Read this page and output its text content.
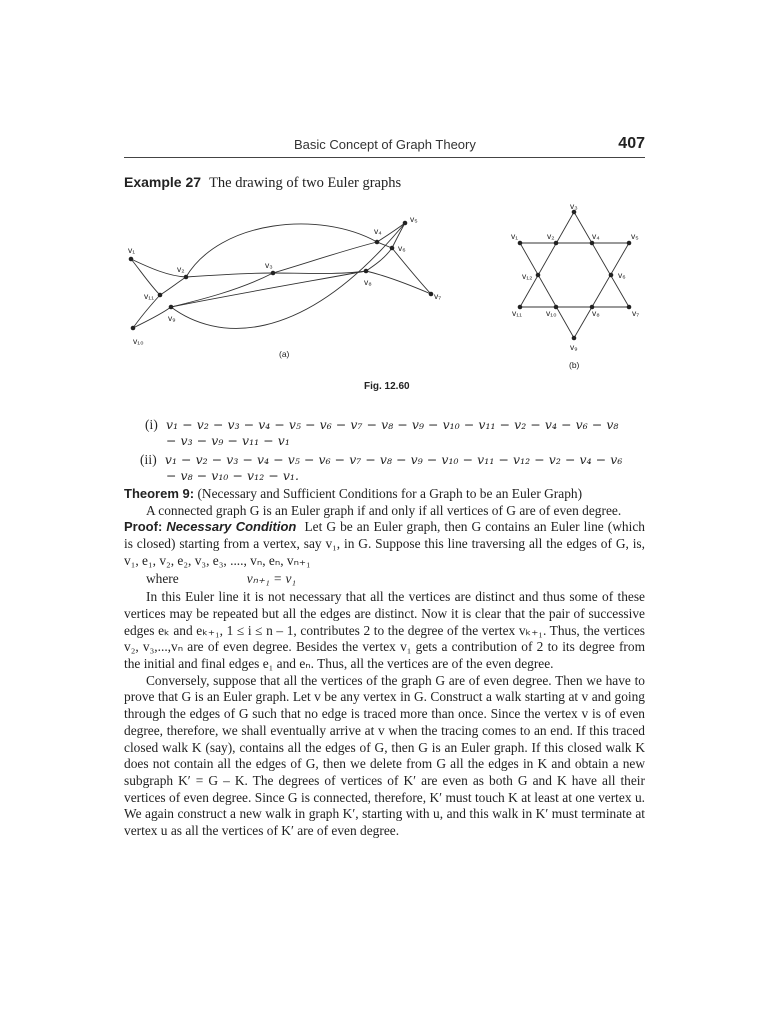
Basic Concept of Graph Theory	407
Example 27 The drawing of two Euler graphs
v₁
v₂	v₃
v₄
v₅
v₆
v₇
v₈
v₉
v₁₀
v₁₁
(a)
v₁	v₂
v₃
v₄	v₅
v₆
v₇
v₈
v₉
v₁₀
v₁₁
v₁₂
(b)
Fig. 12.60
(i) v₁ − v₂ − v₃ − v₄ − v₅ − v₆ − v₇ − v₈ − v₉ − v₁₀ − v₁₁ − v₂ − v₄ − v₆ − v₈
− v₃ − v₉ − v₁₁ − v₁
(ii) v₁ − v₂ − v₃ − v₄ − v₅ − v₆ − v₇ − v₈ − v₉ − v₁₀ − v₁₁ − v₁₂ − v₂ − v₄ − v₆
− v₈ − v₁₀ − v₁₂ − v₁.

Theorem 9: (Necessary and Sufficient Conditions for a Graph to be an Euler Graph)

A connected graph G is an Euler graph if and only if all vertices of G are of even degree.

Proof: Necessary Condition Let G be an Euler graph, then G contains an Euler line (which is closed) starting from a vertex, say v₁, in G. Suppose this line traversing all the edges of G, is, v₁, e₁, v₂, e₂, v₃, e₃, ...., vₙ, eₙ, vₙ₊₁

where	vₙ₊₁ = v₁

In this Euler line it is not necessary that all the vertices are distinct and thus some of these vertices may be repeated but all the edges are distinct. Now it is clear that the pair of successive edges eₖ and eₖ₊₁, 1 ≤ i ≤ n – 1, contributes 2 to the degree of the vertex vₖ₊₁. Thus, the vertices v₂, v₃,...,vₙ are of even degree. Besides the vertex v₁ gets a contribution of 2 to its degree from the initial and final edges e₁ and eₙ. Thus, all the vertices are of the even degree.

Conversely, suppose that all the vertices of the graph G are of even degree. Then we have to prove that G is an Euler graph. Let v be any vertex in G. Construct a walk starting at v and going through the edges of G such that no edge is traced more than once. Since the vertex v is of even degree, therefore, we shall eventually arrive at v when the tracing comes to an end. If this traced closed walk K (say), contains all the edges of G, then G is an Euler graph. If this closed walk K does not contain all the edges of G, then we delete from G all the edges in K and obtain a new subgraph K′ = G – K. The degrees of vertices of K′ are even as both G and K have all their vertices of even degree. Since G is connected, therefore, K′ must touch K at least at one vertex u. We again construct a new walk in graph K′, starting with u, and this walk in K′ must terminate at vertex u as all the vertices of K′ are of even degree.
